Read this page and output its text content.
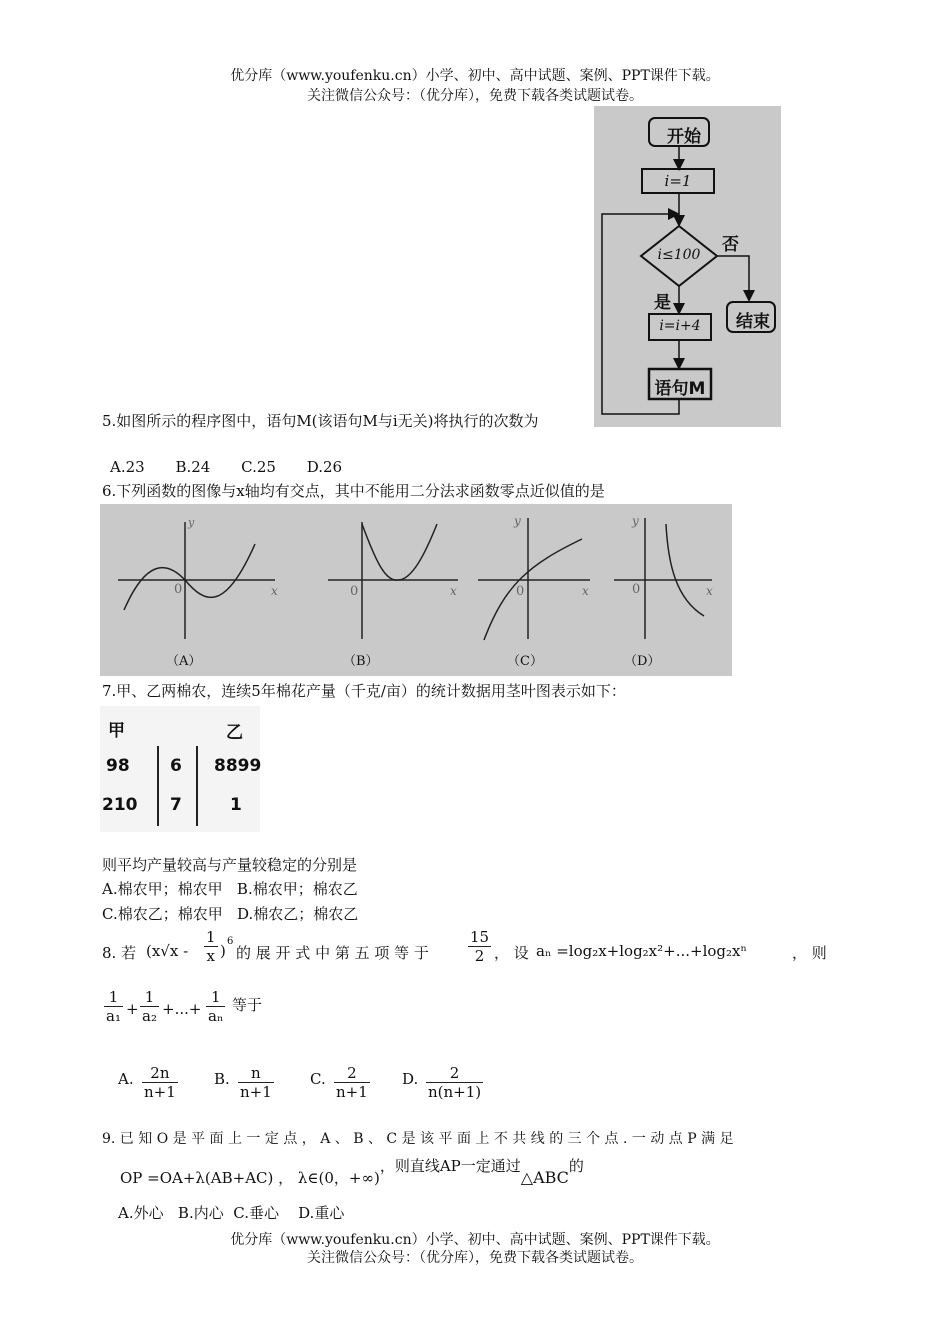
优分库（www.youfenku.cn）小学、初中、高中试题、案例、PPT课件下载。
关注微信公众号：（优分库），免费下载各类试题试卷。
开始
i=1
i≤100	否
是
结束
i=i+4
语句M
5.如图所示的程序图中，语句M(该语句M与i无关)将执行的次数为
A.23 B.24 C.25 D.26
6.下列函数的图像与x轴均有交点，其中不能用二分法求函数零点近似值的是
y
x
0	x
0
y
x
0
y
x
0
（A）	（B）	（C）	（D）
7.甲、乙两棉农，连续5年棉花产量（千克/亩）的统计数据用茎叶图表示如下：
甲	乙
98 6 8899
210 7	1
则平均产量较高与产量较稳定的分别是
A.棉农甲；棉农甲 B.棉农甲；棉农乙
C.棉农乙；棉农甲 D.棉农乙；棉农乙
8. 若 ($x√x - \frac{1}{x}$ )
6
的 展 开 式 中 第 五 项 等 于	$\frac{15}{2}$ ， 设 aₙ =log₂x+log₂x²+...+log₂xⁿ	， 则
$\frac{1}{\text{a₁}} + \frac{1}{\text{a₂}}$ +...+ $\frac{1}{\text{aₙ}}$ 等于
A. $\frac{2n}{n+1} B$. $\frac{n}{n+1} C$. $\frac{2}{n+1} D$. $\frac{2}{n(n+1)}$
9. 已 知 O 是 平 面 上 一 定 点 ， A 、 B 、 C 是 该 平 面 上 不 共 线 的 三 个 点 . 一 动 点 P 满 足
OP =OA+λ(AB+AC) ， λ∈(0，+∞)，则直线AP一定通过△ABC的
A.外心 B.内心 C.垂心 D.重心
优分库（www.youfenku.cn）小学、初中、高中试题、案例、PPT课件下载。
关注微信公众号：（优分库），免费下载各类试题试卷。
